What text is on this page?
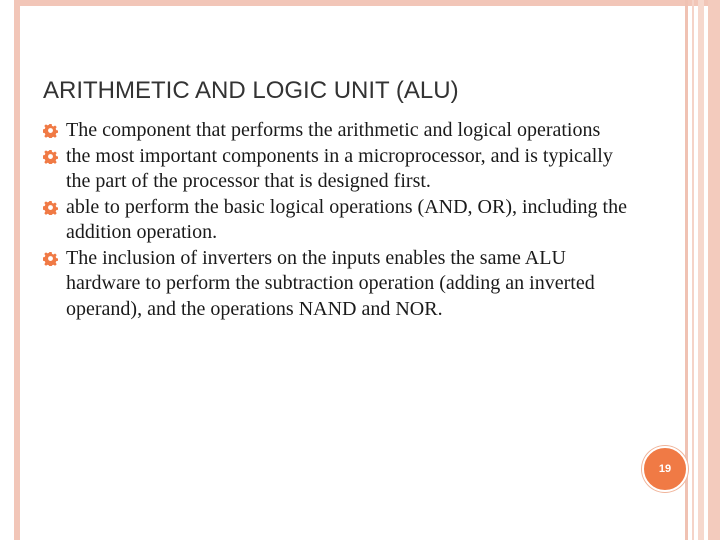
ARITHMETIC AND LOGIC UNIT (ALU)
The component that performs the arithmetic and logical operations
the most important components in a microprocessor, and is typically the part of the processor that is designed first.
able to perform the basic logical operations (AND, OR), including the addition operation.
The inclusion of inverters on the inputs enables the same ALU hardware to perform the subtraction operation (adding an inverted operand), and the operations NAND and NOR.
19
